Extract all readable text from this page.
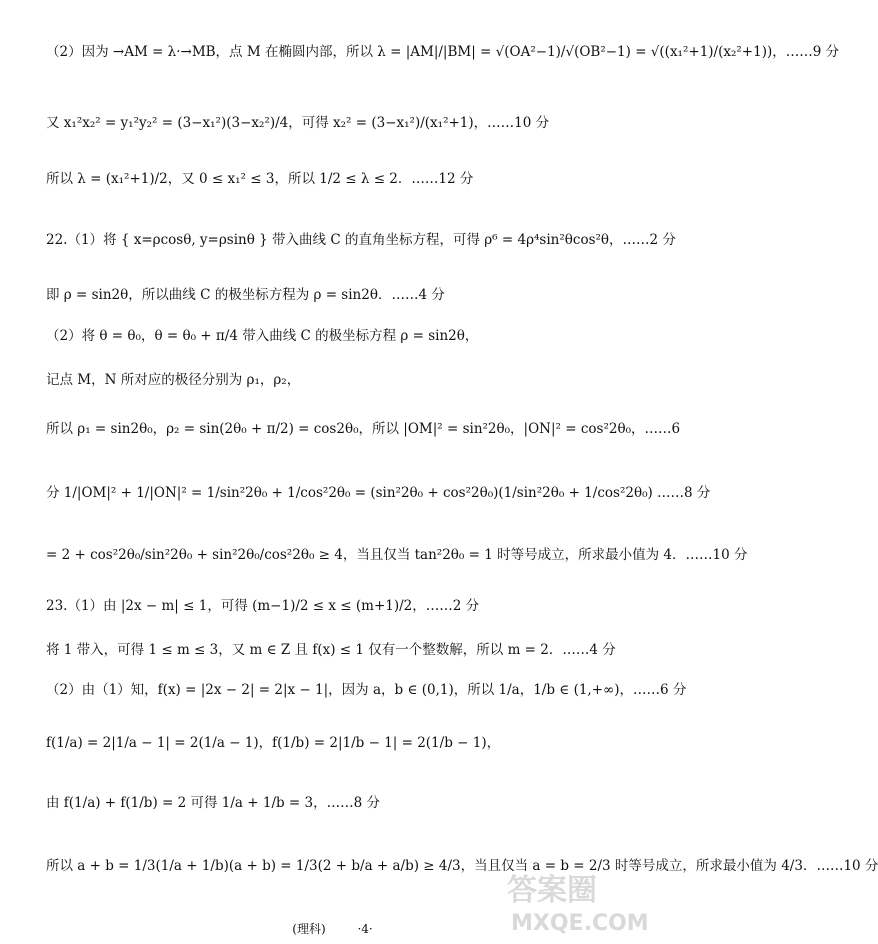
（2）因为 →AM = λ·→MB，点 M 在椭圆内部，所以 λ = |AM|/|BM| = √(OA²−1)/√(OB²−1) = √((x₁²+1)/(x₂²+1))，……9 分
又 x₁²x₂² = y₁²y₂² = (3−x₁²)(3−x₂²)/4，可得 x₂² = (3−x₁²)/(x₁²+1)，……10 分
所以 λ = (x₁²+1)/2，又 0 ≤ x₁² ≤ 3，所以 1/2 ≤ λ ≤ 2．……12 分
22.（1）将 { x=ρcosθ, y=ρsinθ } 带入曲线 C 的直角坐标方程，可得 ρ⁶ = 4ρ⁴sin²θcos²θ，……2 分
即 ρ = sin2θ，所以曲线 C 的极坐标方程为 ρ = sin2θ．……4 分
（2）将 θ = θ₀，θ = θ₀ + π/4 带入曲线 C 的极坐标方程 ρ = sin2θ，
记点 M，N 所对应的极径分别为 ρ₁，ρ₂，
所以 ρ₁ = sin2θ₀，ρ₂ = sin(2θ₀ + π/2) = cos2θ₀，所以 |OM|² = sin²2θ₀，|ON|² = cos²2θ₀，……6
分 1/|OM|² + 1/|ON|² = 1/sin²2θ₀ + 1/cos²2θ₀ = (sin²2θ₀ + cos²2θ₀)(1/sin²2θ₀ + 1/cos²2θ₀) ……8 分
= 2 + cos²2θ₀/sin²2θ₀ + sin²2θ₀/cos²2θ₀ ≥ 4，当且仅当 tan²2θ₀ = 1 时等号成立，所求最小值为 4．……10 分
23.（1）由 |2x − m| ≤ 1，可得 (m−1)/2 ≤ x ≤ (m+1)/2，……2 分
将 1 带入，可得 1 ≤ m ≤ 3，又 m ∈ Z 且 f(x) ≤ 1 仅有一个整数解，所以 m = 2．……4 分
（2）由（1）知，f(x) = |2x − 2| = 2|x − 1|，因为 a，b ∈ (0,1)，所以 1/a，1/b ∈ (1,+∞)，……6 分
f(1/a) = 2|1/a − 1| = 2(1/a − 1)，f(1/b) = 2|1/b − 1| = 2(1/b − 1)，
由 f(1/a) + f(1/b) = 2 可得 1/a + 1/b = 3，……8 分
所以 a + b = 1/3(1/a + 1/b)(a + b) = 1/3(2 + b/a + a/b) ≥ 4/3，当且仅当 a = b = 2/3 时等号成立，所求最小值为 4/3．……10 分
(理科)	·4·
答案圈
MXQE.COM
